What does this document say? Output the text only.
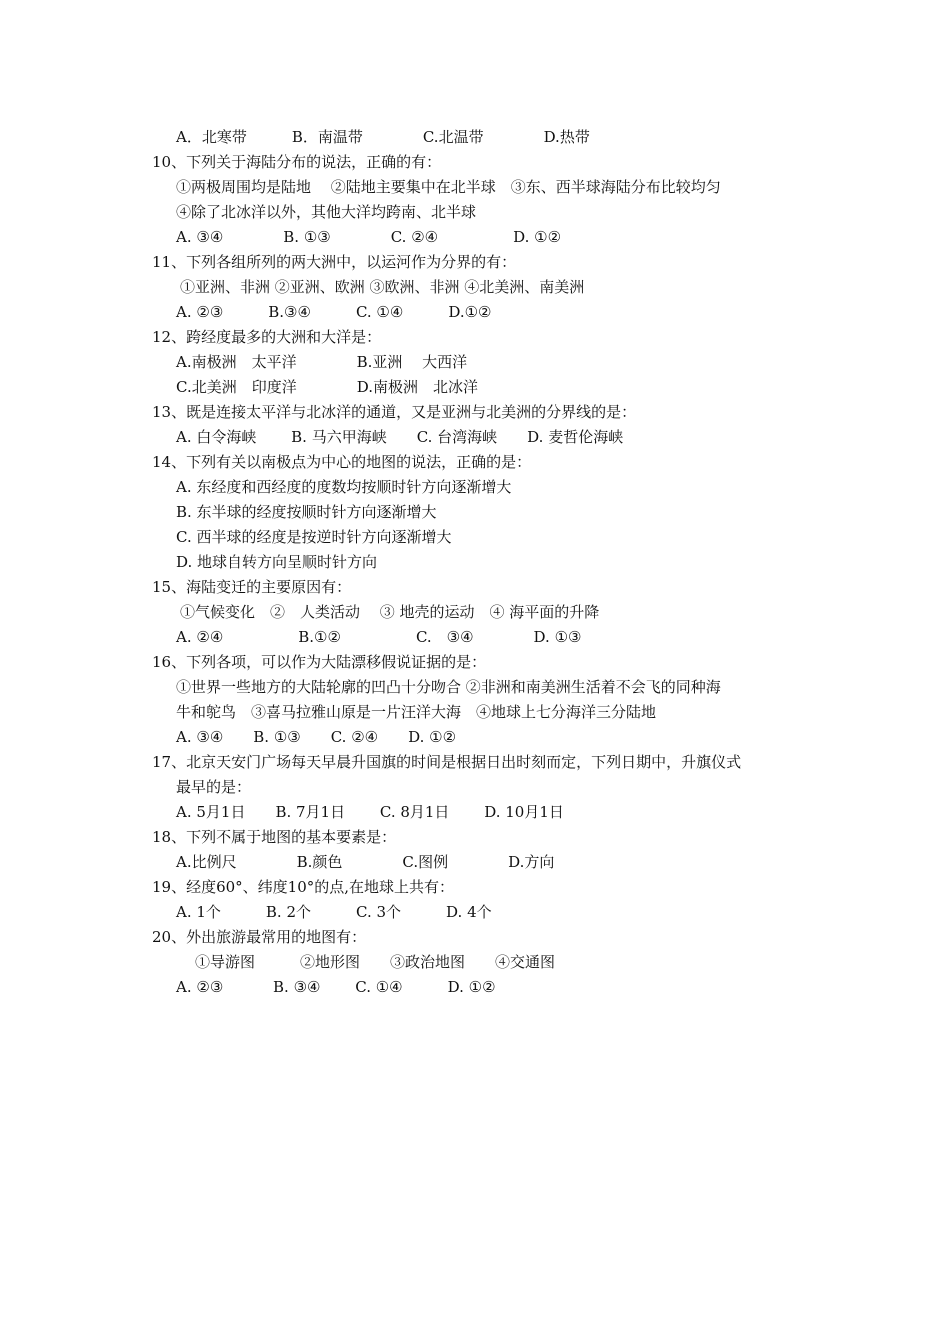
A．北寒带　　　B．南温带　　　　C.北温带　　　　D.热带
10、下列关于海陆分布的说法，正确的有：
①两极周围均是陆地　 ②陆地主要集中在北半球　③东、西半球海陆分布比较均匀
④除了北冰洋以外，其他大洋均跨南、北半球
A. ③④　　　　B. ①③　　　　C. ②④　　　　　D. ①②
11、下列各组所列的两大洲中，以运河作为分界的有：
①亚洲、非洲 ②亚洲、欧洲 ③欧洲、非洲 ④北美洲、南美洲
A. ②③　　　B.③④　　　C. ①④　　　D.①②
12、跨经度最多的大洲和大洋是：
A.南极洲　太平洋　　　　B.亚洲　 大西洋
C.北美洲　印度洋　　　　D.南极洲　北冰洋
13、既是连接太平洋与北冰洋的通道，又是亚洲与北美洲的分界线的是：
A. 白令海峡　　 B. 马六甲海峡　　C. 台湾海峡　　D. 麦哲伦海峡
14、下列有关以南极点为中心的地图的说法，正确的是：
A. 东经度和西经度的度数均按顺时针方向逐渐增大
B. 东半球的经度按顺时针方向逐渐增大
C. 西半球的经度是按逆时针方向逐渐增大
D. 地球自转方向呈顺时针方向
15、海陆变迁的主要原因有：
①气候变化　②　人类活动　 ③ 地壳的运动　④ 海平面的升降
A. ②④　　　　　B.①②　　　　　C.　③④　　　　D. ①③
16、下列各项，可以作为大陆漂移假说证据的是：
①世界一些地方的大陆轮廓的凹凸十分吻合 ②非洲和南美洲生活着不会飞的同种海
牛和鸵鸟　③喜马拉雅山原是一片汪洋大海　④地球上七分海洋三分陆地
A. ③④　　B. ①③　　C. ②④　　D. ①②
17、北京天安门广场每天早晨升国旗的时间是根据日出时刻而定，下列日期中，升旗仪式
最早的是：
A. 5月1日　　B. 7月1日　　 C. 8月1日　　 D. 10月1日
18、下列不属于地图的基本要素是：
A.比例尺　　　　B.颜色　　　　C.图例　　　　D.方向
19、经度60°、纬度10°的点,在地球上共有：
A. 1个　　　B. 2个　　　C. 3个　　　D. 4个
20、外出旅游最常用的地图有：
　①导游图　　　②地形图　　③政治地图　　④交通图
A. ②③　　　 B. ③④　　 C. ①④　　　D. ①②
